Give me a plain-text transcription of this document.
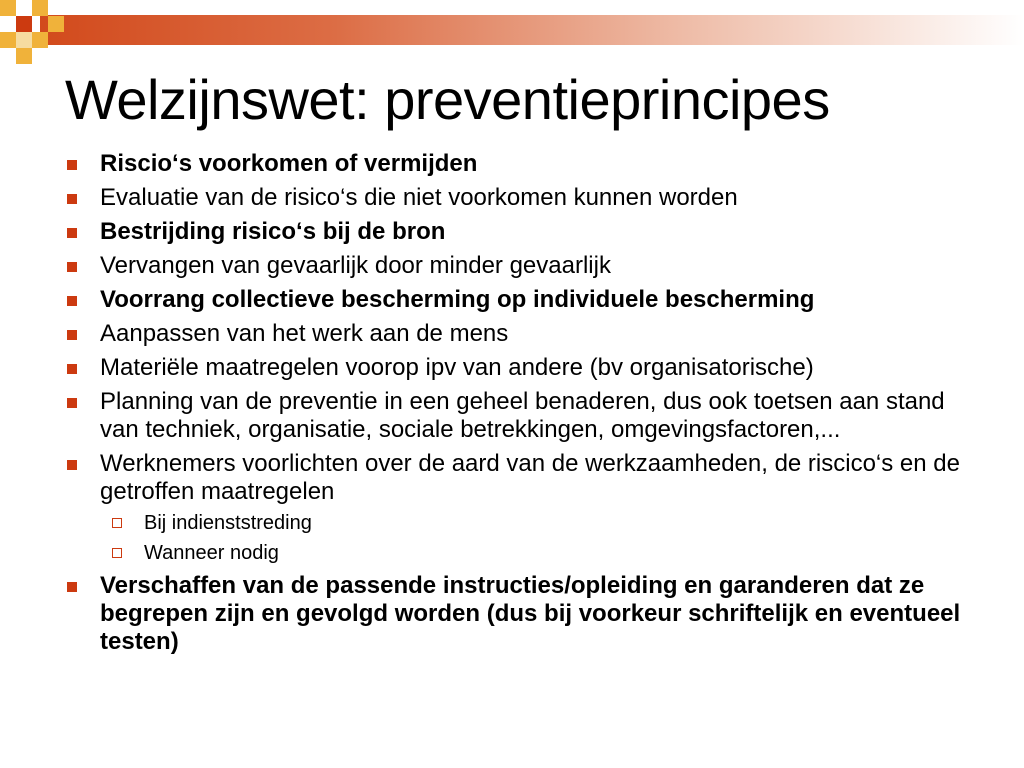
Welzijnswet: preventieprincipes
Riscio‘s voorkomen of vermijden
Evaluatie van de risico‘s die niet voorkomen kunnen worden
Bestrijding risico‘s bij de bron
Vervangen van gevaarlijk door minder gevaarlijk
Voorrang collectieve bescherming op individuele bescherming
Aanpassen van het werk aan de mens
Materiële maatregelen voorop ipv van andere (bv organisatorische)
Planning van de preventie in een geheel benaderen, dus ook toetsen aan stand van techniek, organisatie, sociale betrekkingen, omgevingsfactoren,...
Werknemers voorlichten over de aard van de werkzaamheden, de riscico‘s en de getroffen maatregelen
Bij indienststreding
Wanneer nodig
Verschaffen van de passende instructies/opleiding en garanderen dat ze begrepen zijn en gevolgd worden (dus bij voorkeur schriftelijk en eventueel testen)
